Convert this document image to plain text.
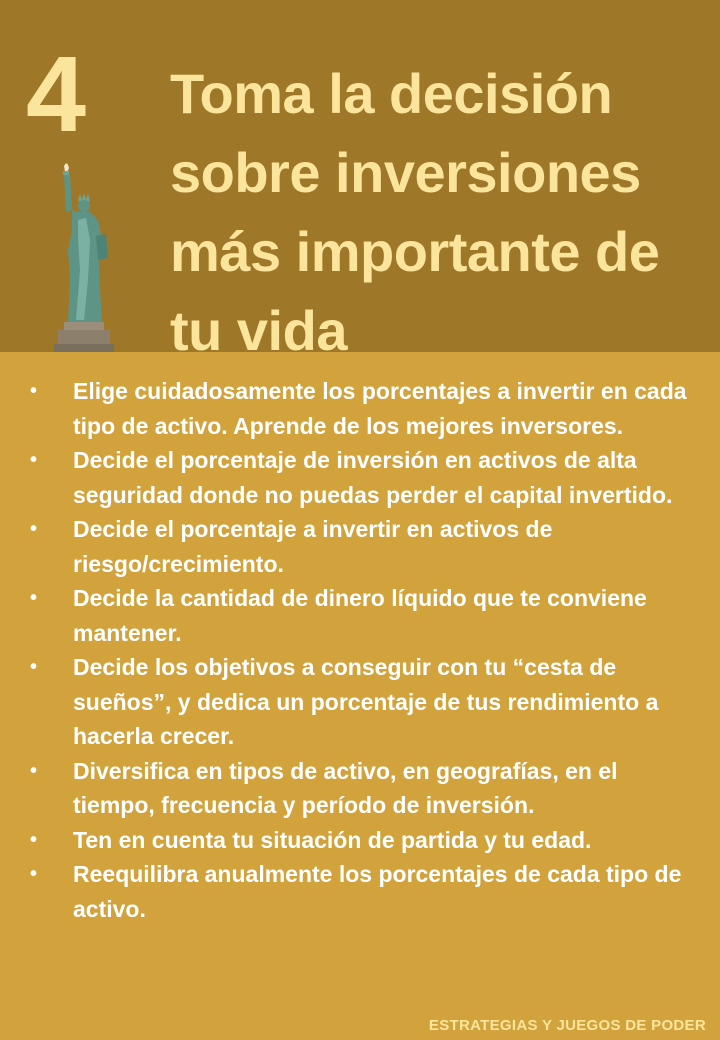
4 Toma la decisión sobre inversiones más importante de tu vida
• Elige cuidadosamente los porcentajes a invertir en cada tipo de activo. Aprende de los mejores inversores.
• Decide el porcentaje de inversión en activos de alta seguridad donde no puedas perder el capital invertido.
• Decide el porcentaje a invertir en activos de riesgo/crecimiento.
• Decide la cantidad de dinero líquido que te conviene mantener.
• Decide los objetivos a conseguir con tu “cesta de sueños”, y dedica un porcentaje de tus rendimiento a hacerla crecer.
• Diversifica en tipos de activo, en geografías, en el tiempo, frecuencia y período de inversión.
• Ten en cuenta tu situación de partida y tu edad.
• Reequilibra anualmente los porcentajes de cada tipo de activo.
ESTRATEGIAS Y JUEGOS DE PODER
